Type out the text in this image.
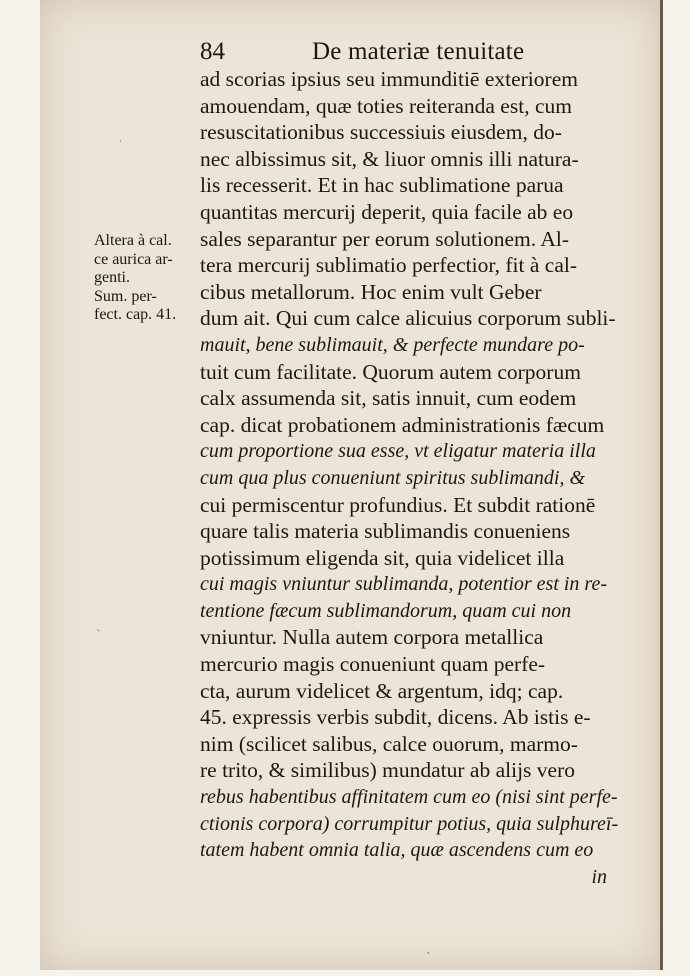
84	De materiæ tenuitate
Altera à cal.
ce aurica ar-
genti.
Sum. per-
fect. cap. 41.
ˌ
ˋ
ˎ
ad scorias ipsius seu immunditiē exteriorem
amouendam, quæ toties reiteranda est, cum
resuscitationibus successiuis eiusdem, do-
nec albissimus sit, & liuor omnis illi natura-
lis recesserit. Et in hac sublimatione parua
quantitas mercurij deperit, quia facile ab eo
sales separantur per eorum solutionem. Al-
tera mercurij sublimatio perfectior, fit à cal-
cibus metallorum. Hoc enim vult Geber
dum ait. Qui cum calce alicuius corporum subli-
mauit, bene sublimauit, & perfecte mundare po-
tuit cum facilitate. Quorum autem corporum
calx assumenda sit, satis innuit, cum eodem
cap. dicat probationem administrationis fæcum
cum proportione sua esse, vt eligatur materia illa
cum qua plus conueniunt spiritus sublimandi, &
cui permiscentur profundius. Et subdit rationē
quare talis materia sublimandis conueniens
potissimum eligenda sit, quia videlicet illa
cui magis vniuntur sublimanda, potentior est in re-
tentione fæcum sublimandorum, quam cui non
vniuntur. Nulla autem corpora metallica
mercurio magis conueniunt quam perfe-
cta, aurum videlicet & argentum, idq; cap.
45. expressis verbis subdit, dicens. Ab istis e-
nim (scilicet salibus, calce ouorum, marmo-
re trito, & similibus) mundatur ab alijs vero
rebus habentibus affinitatem cum eo (nisi sint perfe-
ctionis corpora) corrumpitur potius, quia sulphureī-
tatem habent omnia talia, quæ ascendens cum eo
in
